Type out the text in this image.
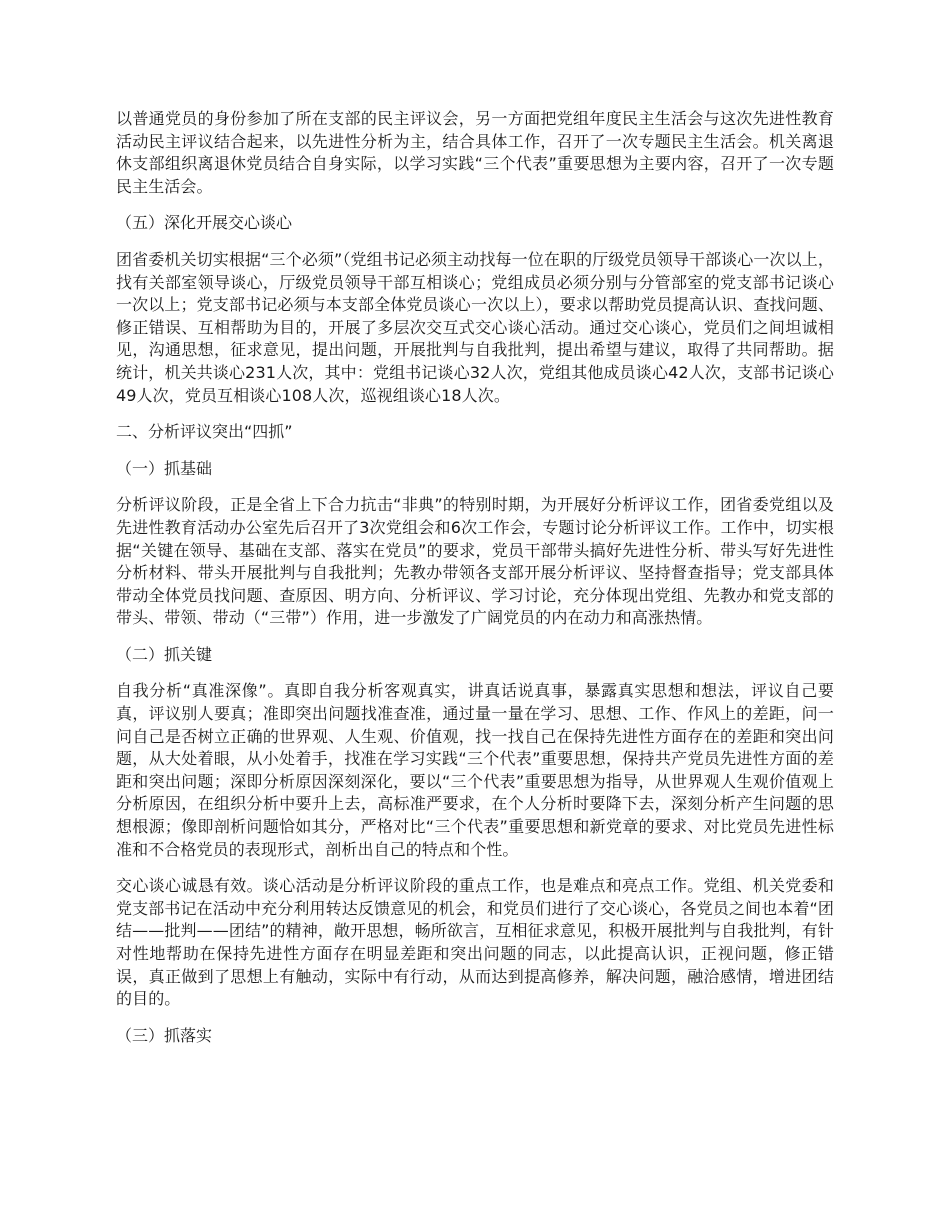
以普通党员的身份参加了所在支部的民主评议会，另一方面把党组年度民主生活会与这次先进性教育活动民主评议结合起来，以先进性分析为主，结合具体工作，召开了一次专题民主生活会。机关离退休支部组织离退休党员结合自身实际，以学习实践“三个代表”重要思想为主要内容，召开了一次专题民主生活会。

（五）深化开展交心谈心

团省委机关切实根据“三个必须”（党组书记必须主动找每一位在职的厅级党员领导干部谈心一次以上，找有关部室领导谈心，厅级党员领导干部互相谈心；党组成员必须分别与分管部室的党支部书记谈心一次以上；党支部书记必须与本支部全体党员谈心一次以上），要求以帮助党员提高认识、查找问题、修正错误、互相帮助为目的，开展了多层次交互式交心谈心活动。通过交心谈心，党员们之间坦诚相见，沟通思想，征求意见，提出问题，开展批判与自我批判，提出希望与建议，取得了共同帮助。据统计，机关共谈心231人次，其中：党组书记谈心32人次，党组其他成员谈心42人次，支部书记谈心49人次，党员互相谈心108人次，巡视组谈心18人次。

二、分析评议突出“四抓”

（一）抓基础

分析评议阶段，正是全省上下合力抗击“非典”的特别时期，为开展好分析评议工作，团省委党组以及先进性教育活动办公室先后召开了3次党组会和6次工作会，专题讨论分析评议工作。工作中，切实根据“关键在领导、基础在支部、落实在党员”的要求，党员干部带头搞好先进性分析、带头写好先进性分析材料、带头开展批判与自我批判；先教办带领各支部开展分析评议、坚持督查指导；党支部具体带动全体党员找问题、查原因、明方向、分析评议、学习讨论，充分体现出党组、先教办和党支部的带头、带领、带动（“三带”）作用，进一步激发了广阔党员的内在动力和高涨热情。

（二）抓关键

自我分析“真准深像”。真即自我分析客观真实，讲真话说真事，暴露真实思想和想法，评议自己要真，评议别人要真；准即突出问题找准查准，通过量一量在学习、思想、工作、作风上的差距，问一问自己是否树立正确的世界观、人生观、价值观，找一找自己在保持先进性方面存在的差距和突出问题，从大处着眼，从小处着手，找准在学习实践“三个代表”重要思想，保持共产党员先进性方面的差距和突出问题；深即分析原因深刻深化，要以“三个代表”重要思想为指导，从世界观人生观价值观上分析原因，在组织分析中要升上去，高标准严要求，在个人分析时要降下去，深刻分析产生问题的思想根源；像即剖析问题恰如其分，严格对比“三个代表”重要思想和新党章的要求、对比党员先进性标准和不合格党员的表现形式，剖析出自己的特点和个性。

交心谈心诚恳有效。谈心活动是分析评议阶段的重点工作，也是难点和亮点工作。党组、机关党委和党支部书记在活动中充分利用转达反馈意见的机会，和党员们进行了交心谈心，各党员之间也本着“团结——批判——团结”的精神，敞开思想，畅所欲言，互相征求意见，积极开展批判与自我批判，有针对性地帮助在保持先进性方面存在明显差距和突出问题的同志，以此提高认识，正视问题，修正错误，真正做到了思想上有触动，实际中有行动，从而达到提高修养，解决问题，融洽感情，增进团结的目的。

（三）抓落实
